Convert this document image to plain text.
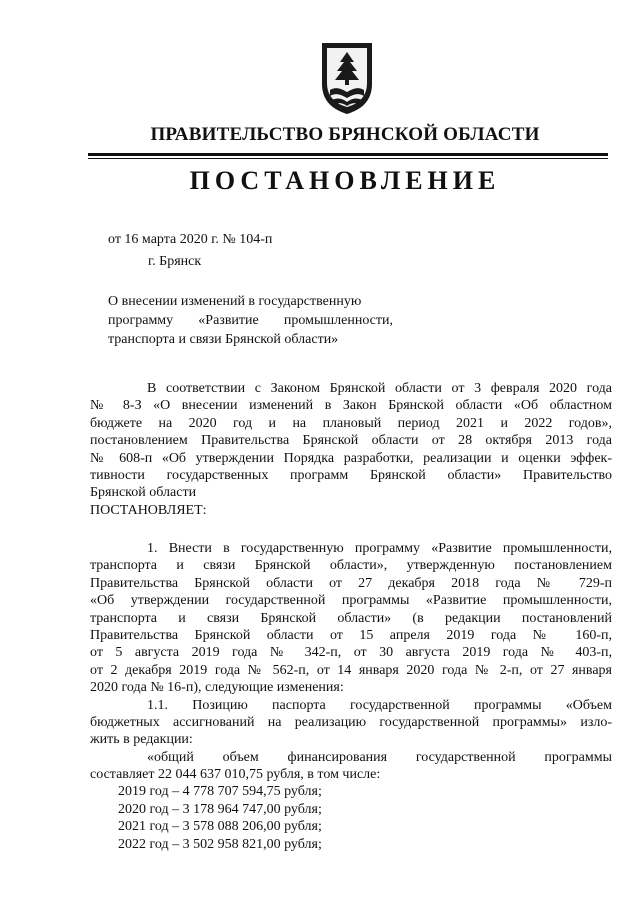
ПРАВИТЕЛЬСТВО БРЯНСКОЙ ОБЛАСТИ
ПОСТАНОВЛЕНИЕ
от 16 марта 2020 г. № 104-п
г. Брянск
О внесении изменений в государственную
программу «Развитие промышленности,
транспорта и связи Брянской области»
В соответствии с Законом Брянской области от 3 февраля 2020 года
№ 8-З «О внесении изменений в Закон Брянской области «Об областном
бюджете на 2020 год и на плановый период 2021 и 2022 годов»,
постановлением Правительства Брянской области от 28 октября 2013 года
№ 608-п «Об утверждении Порядка разработки, реализации и оценки эффек-
тивности государственных программ Брянской области» Правительство
Брянской области
ПОСТАНОВЛЯЕТ:
1. Внести в государственную программу «Развитие промышленности,
транспорта и связи Брянской области», утвержденную постановлением
Правительства Брянской области от 27 декабря 2018 года № 729-п
«Об утверждении государственной программы «Развитие промышленности,
транспорта и связи Брянской области» (в редакции постановлений
Правительства Брянской области от 15 апреля 2019 года № 160-п,
от 5 августа 2019 года № 342-п, от 30 августа 2019 года № 403-п,
от 2 декабря 2019 года № 562-п, от 14 января 2020 года № 2-п, от 27 января
2020 года № 16-п), следующие изменения:
1.1. Позицию паспорта государственной программы «Объем
бюджетных ассигнований на реализацию государственной программы» изло-
жить в редакции:
«общий объем финансирования государственной программы
составляет 22 044 637 010,75 рубля, в том числе:
2019 год – 4 778 707 594,75 рубля;
2020 год – 3 178 964 747,00 рубля;
2021 год – 3 578 088 206,00 рубля;
2022 год – 3 502 958 821,00 рубля;
